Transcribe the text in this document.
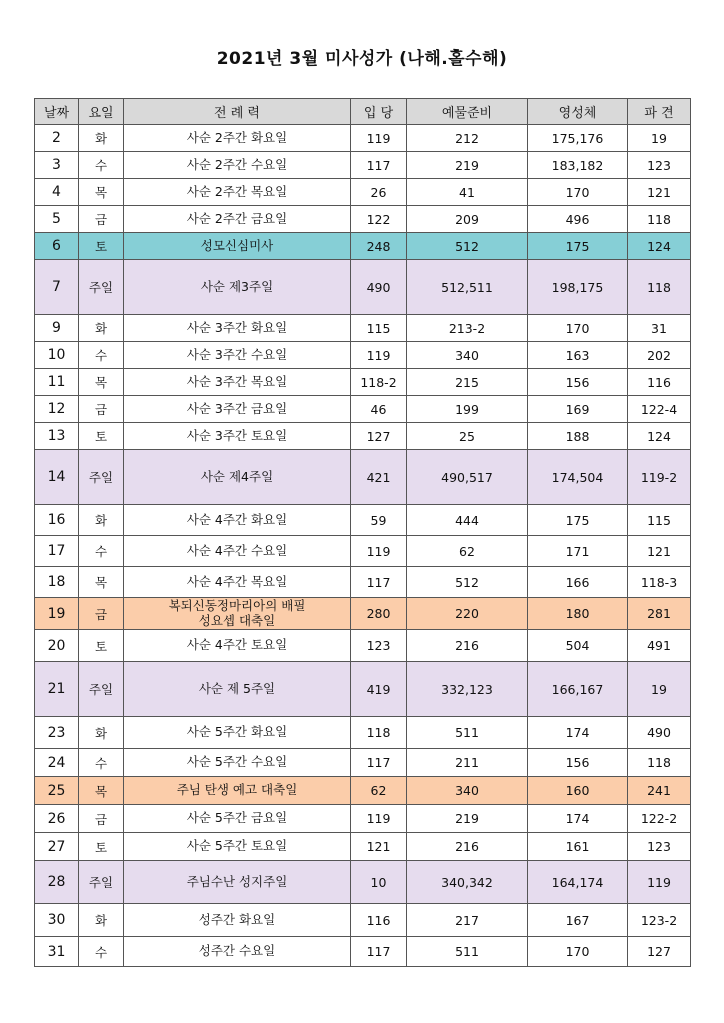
2021년 3월 미사성가 (나해.홀수해)
날짜	요일	전 례 력	입 당	예물준비	영성체	파 견
2	화	사순 2주간 화요일	119	212	175,176	19
3	수	사순 2주간 수요일	117	219	183,182	123
4	목	사순 2주간 목요일	26	41	170	121
5	금	사순 2주간 금요일	122	209	496	118
6	토	성모신심미사	248	512	175	124
7	주일	사순 제3주일	490	512,511	198,175	118
9	화	사순 3주간 화요일	115	213-2	170	31
10	수	사순 3주간 수요일	119	340	163	202
11	목	사순 3주간 목요일	118-2	215	156	116
12	금	사순 3주간 금요일	46	199	169	122-4
13	토	사순 3주간 토요일	127	25	188	124
14	주일	사순 제4주일	421	490,517	174,504	119-2
16	화	사순 4주간 화요일	59	444	175	115
17	수	사순 4주간 수요일	119	62	171	121
18	목	사순 4주간 목요일	117	512	166	118-3
19	금	복되신동정마리아의 배필
성요셉 대축일	280	220	180	281
20	토	사순 4주간 토요일	123	216	504	491
21	주일	사순 제 5주일	419	332,123	166,167	19
23	화	사순 5주간 화요일	118	511	174	490
24	수	사순 5주간 수요일	117	211	156	118
25	목	주님 탄생 예고 대축일	62	340	160	241
26	금	사순 5주간 금요일	119	219	174	122-2
27	토	사순 5주간 토요일	121	216	161	123
28	주일	주님수난 성지주일	10	340,342	164,174	119
30	화	성주간 화요일	116	217	167	123-2
31	수	성주간 수요일	117	511	170	127
